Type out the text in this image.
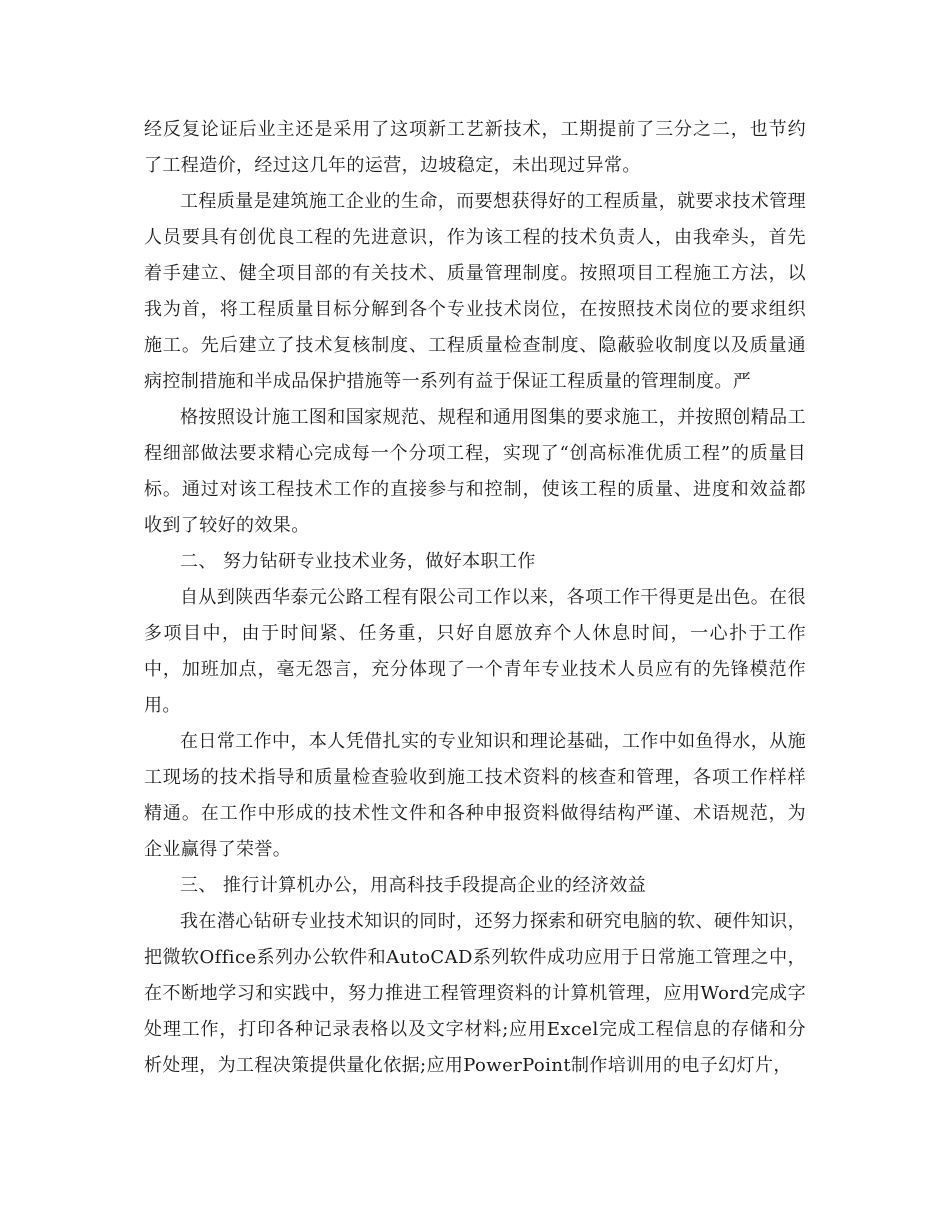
经反复论证后业主还是采用了这项新工艺新技术，工期提前了三分之二，也节约了工程造价，经过这几年的运营，边坡稳定，未出现过异常。

工程质量是建筑施工企业的生命，而要想获得好的工程质量，就要求技术管理人员要具有创优良工程的先进意识，作为该工程的技术负责人，由我牵头，首先着手建立、健全项目部的有关技术、质量管理制度。按照项目工程施工方法，以我为首，将工程质量目标分解到各个专业技术岗位，在按照技术岗位的要求组织施工。先后建立了技术复核制度、工程质量检查制度、隐蔽验收制度以及质量通病控制措施和半成品保护措施等一系列有益于保证工程质量的管理制度。严

格按照设计施工图和国家规范、规程和通用图集的要求施工，并按照创精品工程细部做法要求精心完成每一个分项工程，实现了“创高标准优质工程”的质量目标。通过对该工程技术工作的直接参与和控制，使该工程的质量、进度和效益都收到了较好的效果。

二、 努力钻研专业技术业务，做好本职工作

自从到陕西华泰元公路工程有限公司工作以来，各项工作干得更是出色。在很多项目中，由于时间紧、任务重，只好自愿放弃个人休息时间，一心扑于工作中，加班加点，毫无怨言，充分体现了一个青年专业技术人员应有的先锋模范作用。

在日常工作中，本人凭借扎实的专业知识和理论基础，工作中如鱼得水，从施工现场的技术指导和质量检查验收到施工技术资料的核查和管理，各项工作样样精通。在工作中形成的技术性文件和各种申报资料做得结构严谨、术语规范，为企业赢得了荣誉。

三、 推行计算机办公，用高科技手段提高企业的经济效益

我在潜心钻研专业技术知识的同时，还努力探索和研究电脑的软、硬件知识，把微软Office系列办公软件和AutoCAD系列软件成功应用于日常施工管理之中，在不断地学习和实践中，努力推进工程管理资料的计算机管理，应用Word完成字处理工作，打印各种记录表格以及文字材料;应用Excel完成工程信息的存储和分析处理，为工程决策提供量化依据;应用PowerPoint制作培训用的电子幻灯片，
